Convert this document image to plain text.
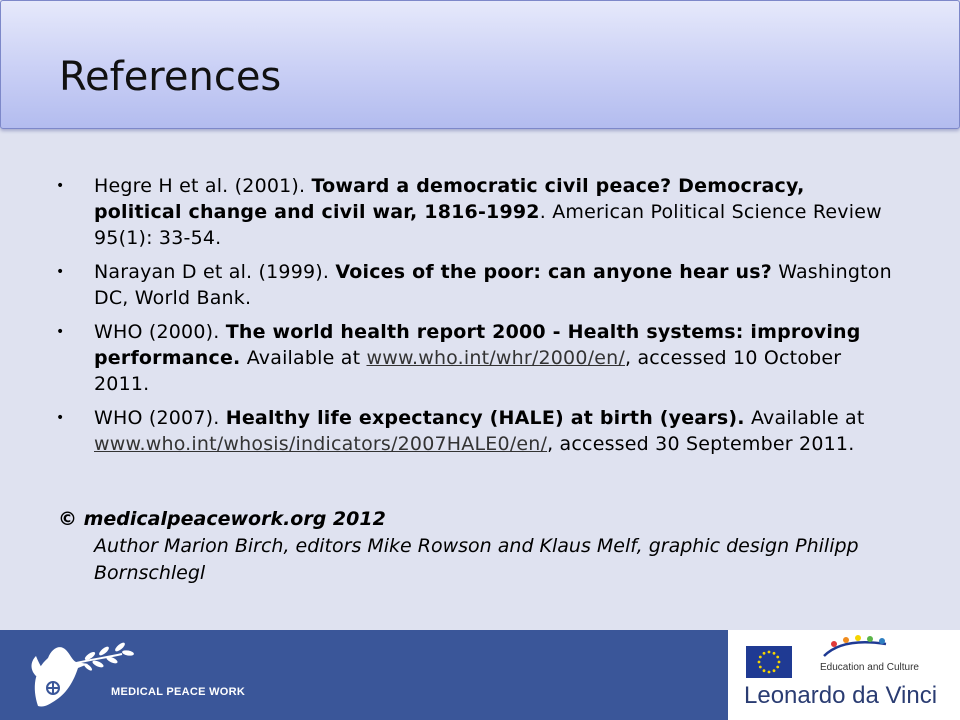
References
• Hegre H et al. (2001). Toward a democratic civil peace? Democracy, political change and civil war, 1816-1992. American Political Science Review 95(1): 33-54.
• Narayan D et al. (1999). Voices of the poor: can anyone hear us? Washington DC, World Bank.
• WHO (2000). The world health report 2000 - Health systems: improving performance. Available at www.who.int/whr/2000/en/, accessed 10 October 2011.
• WHO (2007). Healthy life expectancy (HALE) at birth (years). Available at www.who.int/whosis/indicators/2007HALE0/en/, accessed 30 September 2011.
© medicalpeacework.org 2012
Author Marion Birch, editors Mike Rowson and Klaus Melf, graphic design Philipp Bornschlegl
MEDICAL PEACE WORK
Education and Culture
Leonardo da Vinci
